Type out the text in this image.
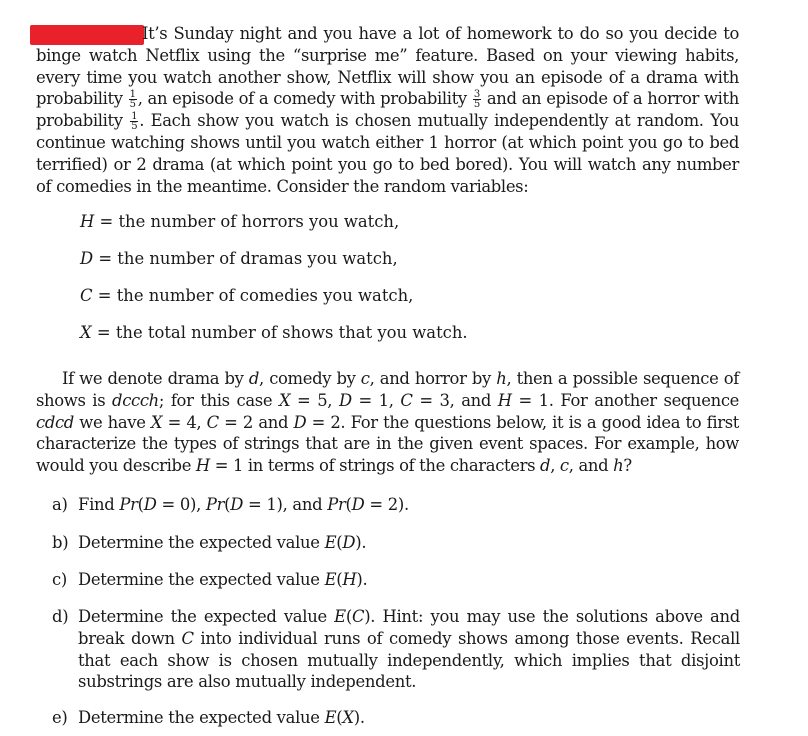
It’s Sunday night and you have a lot of homework to do so you decide to binge watch Netflix using the “surprise me” feature. Based on your viewing habits, every time you watch another show, Netflix will show you an episode of a drama with probability $\frac{1}{5}$ , an episode of a comedy with probability $\frac{3}{5}$ and an episode of a horror with probability $\frac{1}{5}$ . Each show you watch is chosen mutually independently at random. You continue watching shows until you watch either 1 horror (at which point you go to bed terrified) or 2 drama (at which point you go to bed bored). You will watch any number of comedies in the meantime. Consider the random variables:
H = the number of horrors you watch,
D = the number of dramas you watch,
C = the number of comedies you watch,
X = the total number of shows that you watch.
If we denote drama by d, comedy by c, and horror by h, then a possible sequence of shows is dccch; for this case X = 5, D = 1, C = 3, and H = 1. For another sequence cdcd we have X = 4, C = 2 and D = 2. For the questions below, it is a good idea to first characterize the types of strings that are in the given event spaces. For example, how would you describe H = 1 in terms of strings of the characters d, c, and h?
a) Find Pr(D = 0), Pr(D = 1), and Pr(D = 2).
b) Determine the expected value E(D).
c) Determine the expected value E(H).
d) Determine the expected value E(C). Hint: you may use the solutions above and break down C into individual runs of comedy shows among those events. Recall that each show is chosen mutually independently, which implies that disjoint substrings are also mutually independent.
e) Determine the expected value E(X).
